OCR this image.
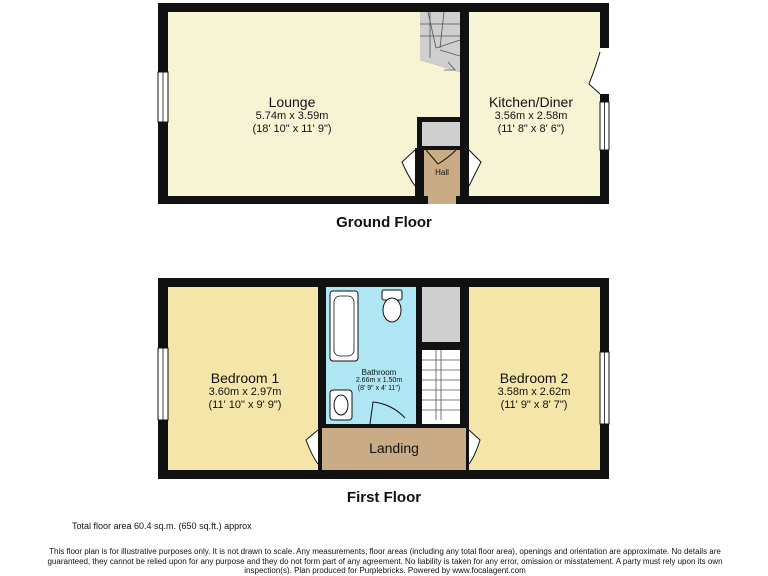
Lounge
5.74m x 3.59m
(18' 10" x 11' 9")
Kitchen/Diner
3.56m x 2.58m
(11' 8" x 8' 6")
Hall
Ground Floor
Bedroom 1
3.60m x 2.97m
(11' 10" x 9' 9")
Bathroom
2.66m x 1.50m
(8' 9" x 4' 11")
Bedroom 2
3.58m x 2.62m
(11' 9" x 8' 7")
Landing
First Floor
Total floor area 60.4 sq.m. (650 sq.ft.) approx
This floor plan is for illustrative purposes only. It is not drawn to scale. Any measurements, floor areas (including any total floor area), openings and orientation are approximate. No details are guaranteed, they cannot be relied upon for any purpose and they do not form part of any agreement. No liability is taken for any error, omission or misstatement. A party must rely upon its own inspection(s). Plan produced for Purplebricks. Powered by www.focalagent.com
